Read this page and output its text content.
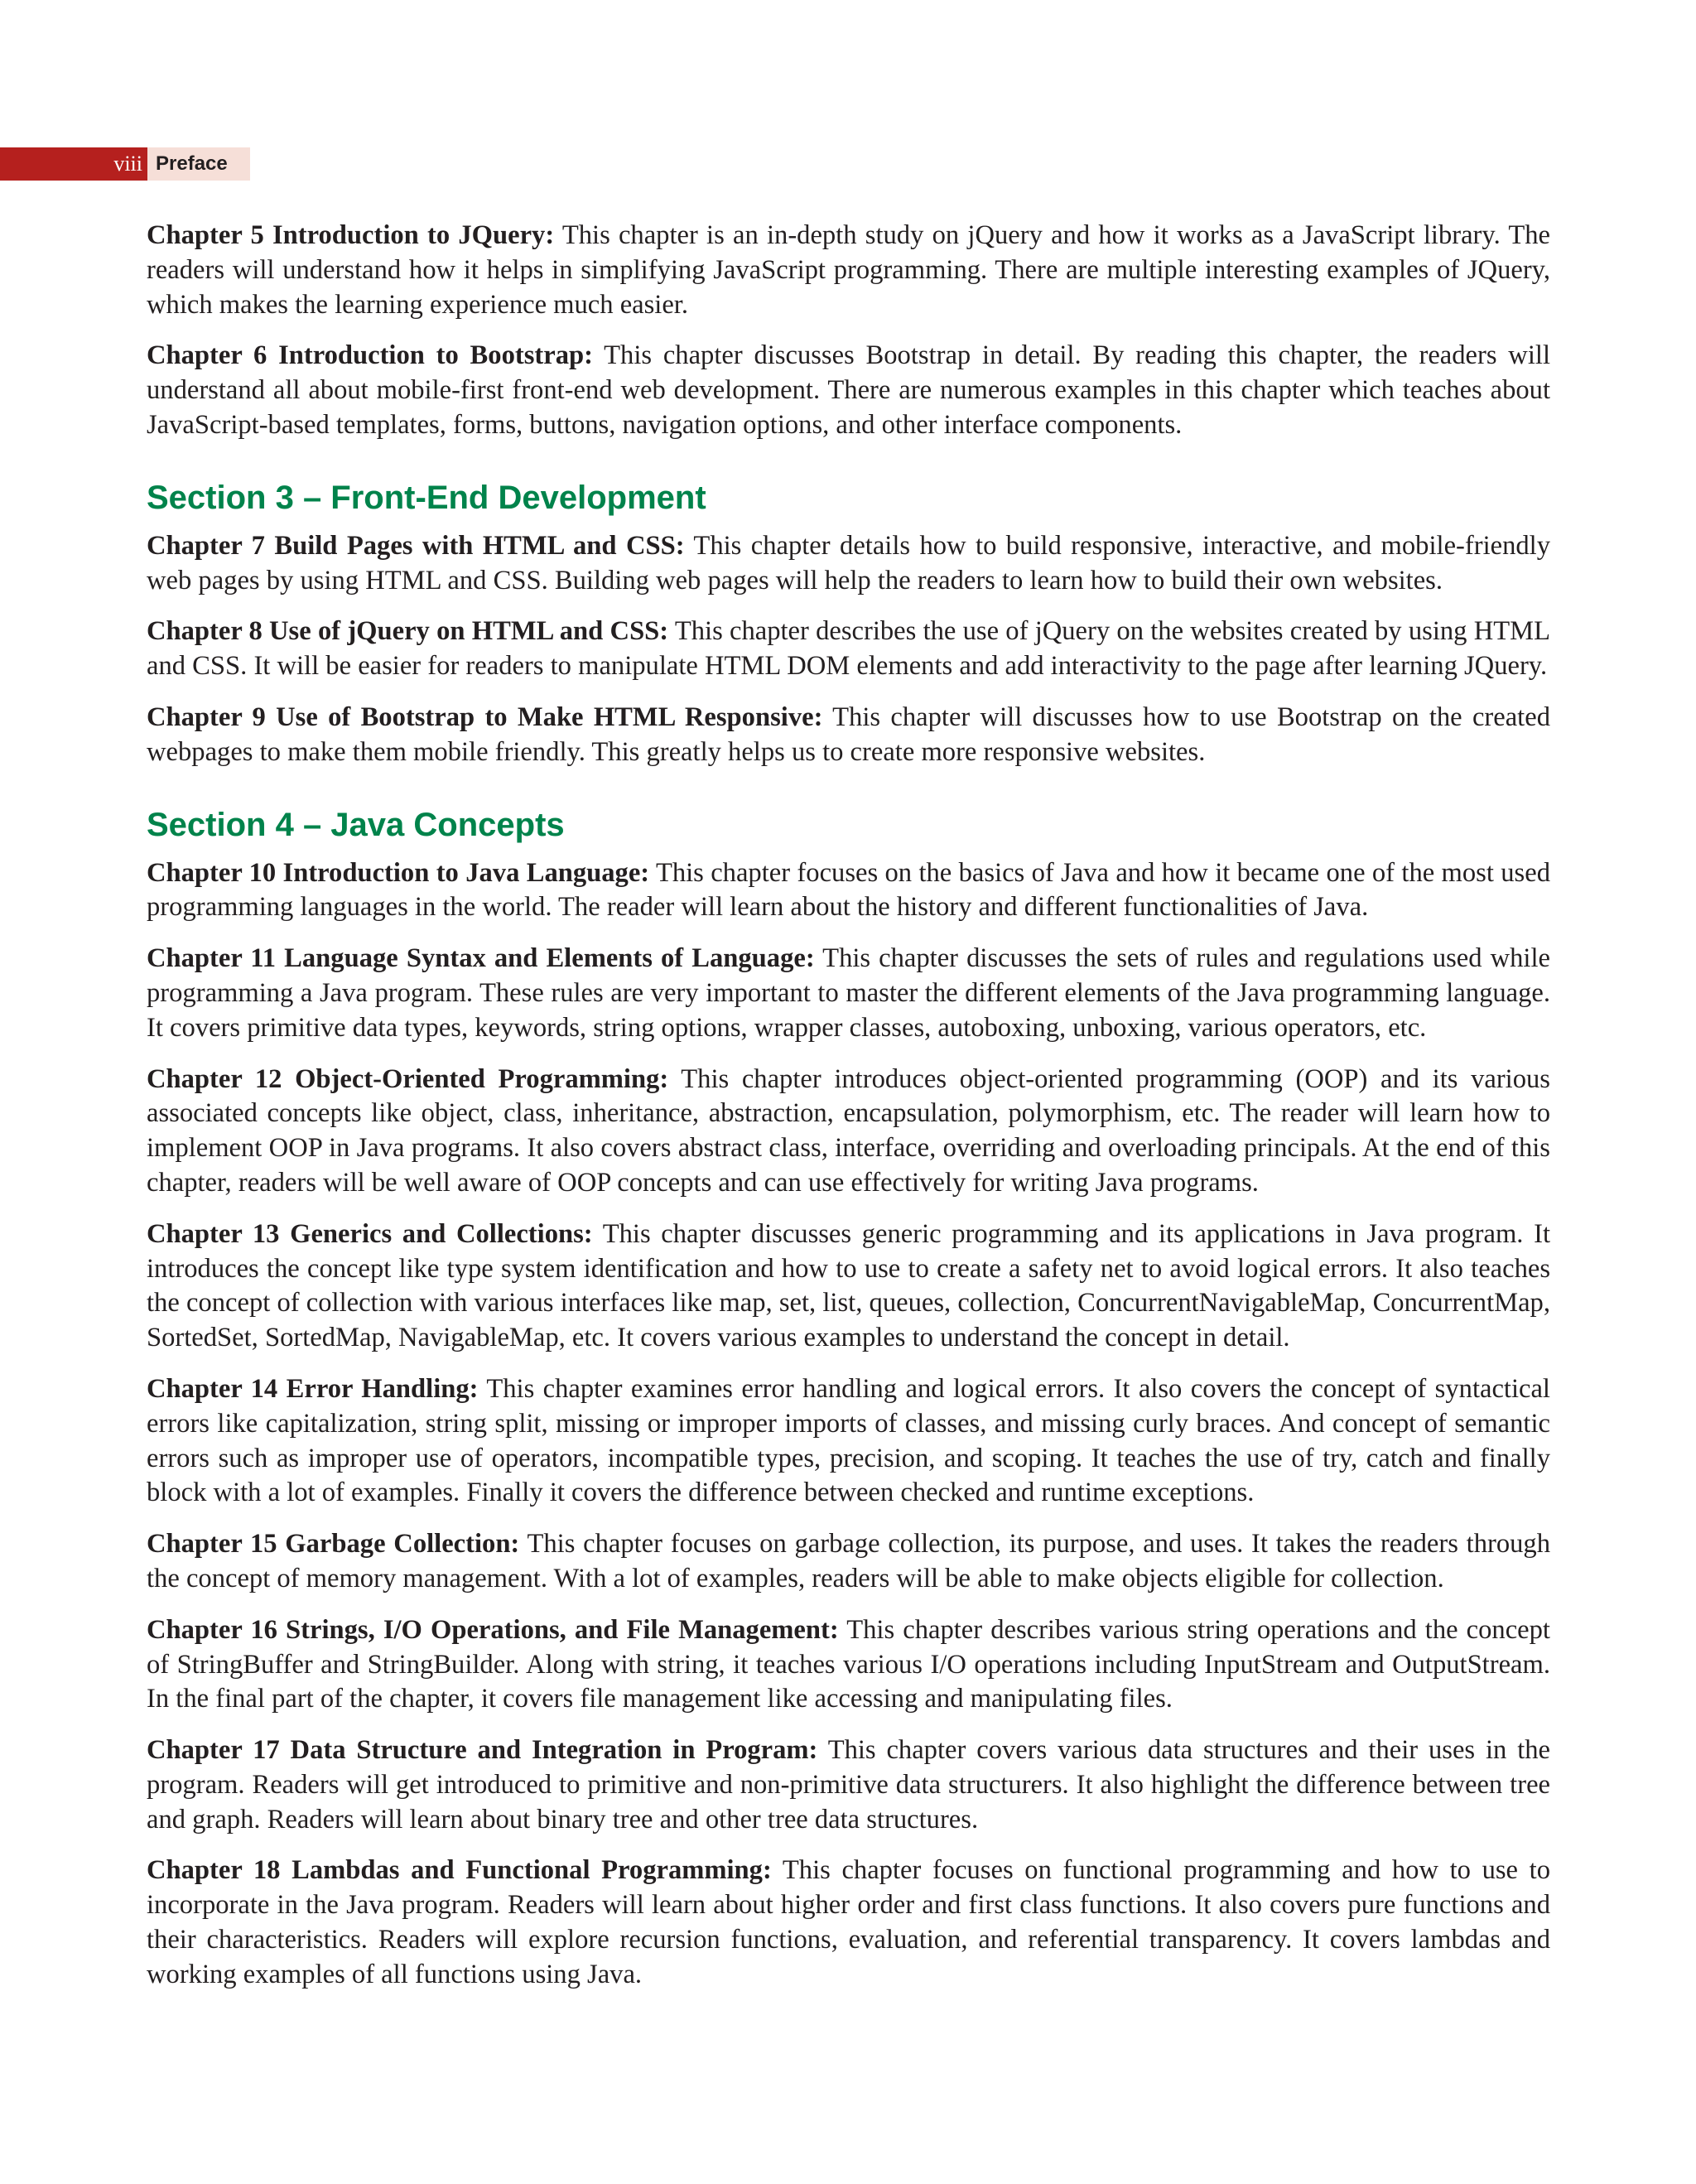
viii Preface

Chapter 5 Introduction to JQuery: This chapter is an in-depth study on jQuery and how it works as a JavaScript library. The readers will understand how it helps in simplifying JavaScript programming. There are multiple interesting examples of JQuery, which makes the learning experience much easier.

Chapter 6 Introduction to Bootstrap: This chapter discusses Bootstrap in detail. By reading this chapter, the readers will understand all about mobile-first front-end web development. There are numerous examples in this chapter which teaches about JavaScript-based templates, forms, buttons, navigation options, and other interface components.

Section 3 – Front-End Development

Chapter 7 Build Pages with HTML and CSS: This chapter details how to build responsive, interactive, and mobile-friendly web pages by using HTML and CSS. Building web pages will help the readers to learn how to build their own websites.

Chapter 8 Use of jQuery on HTML and CSS: This chapter describes the use of jQuery on the websites created by using HTML and CSS. It will be easier for readers to manipulate HTML DOM elements and add interactivity to the page after learning JQuery.

Chapter 9 Use of Bootstrap to Make HTML Responsive: This chapter will discusses how to use Bootstrap on the created webpages to make them mobile friendly. This greatly helps us to create more responsive websites.

Section 4 – Java Concepts

Chapter 10 Introduction to Java Language: This chapter focuses on the basics of Java and how it became one of the most used programming languages in the world. The reader will learn about the history and different functionalities of Java.

Chapter 11 Language Syntax and Elements of Language: This chapter discusses the sets of rules and regulations used while programming a Java program. These rules are very important to master the different elements of the Java programming language. It covers primitive data types, keywords, string options, wrapper classes, autoboxing, unboxing, various operators, etc.

Chapter 12 Object-Oriented Programming: This chapter introduces object-oriented programming (OOP) and its various associated concepts like object, class, inheritance, abstraction, encapsulation, polymorphism, etc. The reader will learn how to implement OOP in Java programs. It also covers abstract class, interface, overriding and overloading principals. At the end of this chapter, readers will be well aware of OOP concepts and can use effectively for writing Java programs.

Chapter 13 Generics and Collections: This chapter discusses generic programming and its applications in Java program. It introduces the concept like type system identification and how to use to create a safety net to avoid logical errors. It also teaches the concept of collection with various interfaces like map, set, list, queues, collection, ConcurrentNavigableMap, ConcurrentMap, SortedSet, SortedMap, NavigableMap, etc. It covers various examples to understand the concept in detail.

Chapter 14 Error Handling: This chapter examines error handling and logical errors. It also covers the concept of syntactical errors like capitalization, string split, missing or improper imports of classes, and missing curly braces. And concept of semantic errors such as improper use of operators, incompatible types, precision, and scoping. It teaches the use of try, catch and finally block with a lot of examples. Finally it covers the difference between checked and runtime exceptions.

Chapter 15 Garbage Collection: This chapter focuses on garbage collection, its purpose, and uses. It takes the readers through the concept of memory management. With a lot of examples, readers will be able to make objects eligible for collection.

Chapter 16 Strings, I/O Operations, and File Management: This chapter describes various string operations and the concept of StringBuffer and StringBuilder. Along with string, it teaches various I/O operations including InputStream and OutputStream. In the final part of the chapter, it covers file management like accessing and manipulating files.

Chapter 17 Data Structure and Integration in Program: This chapter covers various data structures and their uses in the program. Readers will get introduced to primitive and non-primitive data structurers. It also highlight the difference between tree and graph. Readers will learn about binary tree and other tree data structures.

Chapter 18 Lambdas and Functional Programming: This chapter focuses on functional programming and how to use to incorporate in the Java program. Readers will learn about higher order and first class functions. It also covers pure functions and their characteristics. Readers will explore recursion functions, evaluation, and referential transparency. It covers lambdas and working examples of all functions using Java.
